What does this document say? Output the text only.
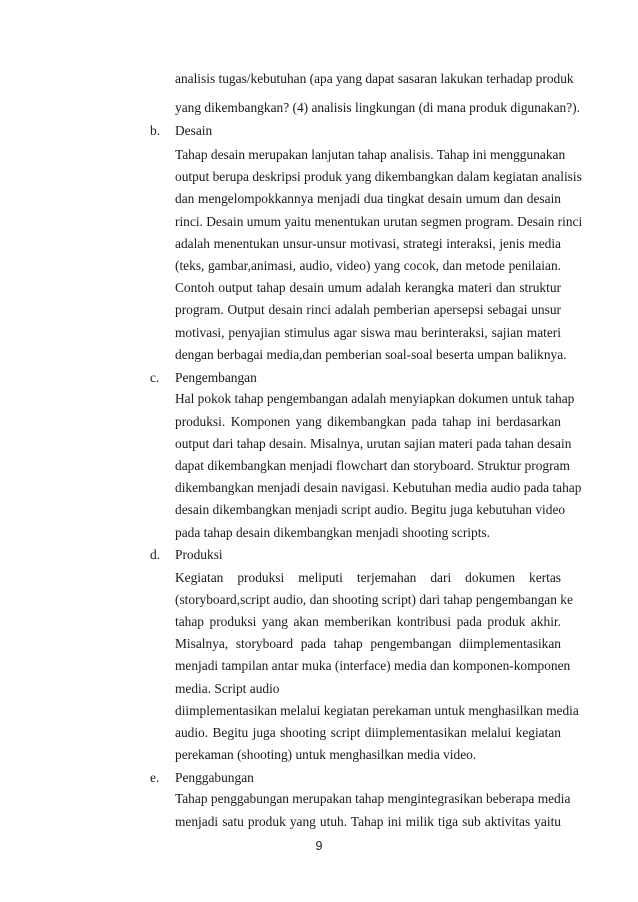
analisis tugas/kebutuhan (apa yang dapat sasaran lakukan terhadap produk
yang dikembangkan? (4) analisis lingkungan (di mana produk digunakan?).
b. Desain
Tahap desain merupakan lanjutan tahap analisis. Tahap ini menggunakan
output berupa deskripsi produk yang dikembangkan dalam kegiatan analisis
dan mengelompokkannya menjadi dua tingkat desain umum dan desain
rinci. Desain umum yaitu menentukan urutan segmen program. Desain rinci
adalah menentukan unsur-unsur motivasi, strategi interaksi, jenis media
(teks, gambar,animasi, audio, video) yang cocok, dan metode penilaian.
Contoh output tahap desain umum adalah kerangka materi dan struktur
program. Output desain rinci adalah pemberian apersepsi sebagai unsur
motivasi, penyajian stimulus agar siswa mau berinteraksi, sajian materi
dengan berbagai media,dan pemberian soal-soal beserta umpan baliknya.
c. Pengembangan
Hal pokok tahap pengembangan adalah menyiapkan dokumen untuk tahap
produksi. Komponen yang dikembangkan pada tahap ini berdasarkan
output dari tahap desain. Misalnya, urutan sajian materi pada tahan desain
dapat dikembangkan menjadi flowchart dan storyboard. Struktur program
dikembangkan menjadi desain navigasi. Kebutuhan media audio pada tahap
desain dikembangkan menjadi script audio. Begitu juga kebutuhan video
pada tahap desain dikembangkan menjadi shooting scripts.
d. Produksi
Kegiatan produksi meliputi terjemahan dari dokumen kertas
(storyboard,script audio, dan shooting script) dari tahap pengembangan ke
tahap produksi yang akan memberikan kontribusi pada produk akhir.
Misalnya, storyboard pada tahap pengembangan diimplementasikan
menjadi tampilan antar muka (interface) media dan komponen-komponen
media. Script audio
diimplementasikan melalui kegiatan perekaman untuk menghasilkan media
audio. Begitu juga shooting script diimplementasikan melalui kegiatan
perekaman (shooting) untuk menghasilkan media video.
e. Penggabungan
Tahap penggabungan merupakan tahap mengintegrasikan beberapa media
menjadi satu produk yang utuh. Tahap ini milik tiga sub aktivitas yaitu
9
